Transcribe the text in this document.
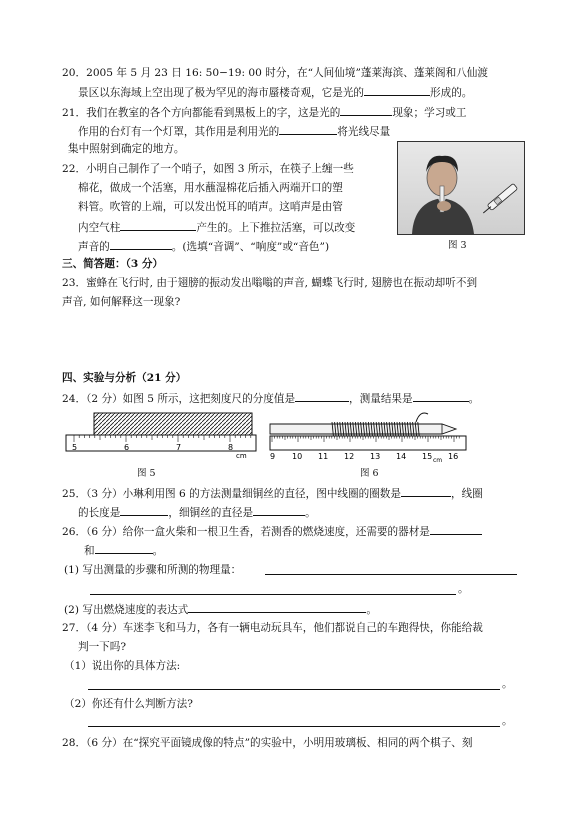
20．2005 年 5 月 23 日 16: 50−19: 00 时分，在“人间仙境”蓬莱海滨、蓬莱阁和八仙渡
景区以东海域上空出现了极为罕见的海市蜃楼奇观，它是光的	形成的。
21．我们在教室的各个方向都能看到黑板上的字，这是光的	现象；学习或工
作用的台灯有一个灯罩，其作用是利用光的	将光线尽量
集中照射到确定的地方。
22．小明自己制作了一个哨子，如图 3 所示，在筷子上缠一些
棉花，做成一个活塞，用水蘸湿棉花后插入两端开口的塑
料管。吹管的上端，可以发出悦耳的哨声。这哨声是由管
内空气柱	产生的。上下推拉活塞，可以改变
声音的	。(选填“音调”、“响度”或“音色”)	图 3
三、简答题：（3 分）
23．蜜蜂在飞行时, 由于翅膀的振动发出嗡嗡的声音, 蝴蝶飞行时, 翅膀也在振动却听不到
声音, 如何解释这一现象?
四、实验与分析（21 分）
24．（2 分）如图 5 所示，这把刻度尺的分度值是	，测量结果是	。
5	6	7	8
cm
图 5
9 10 11 12 13 14 15 16
cm
图 6
25．（3 分）小琳利用图 6 的方法测量细铜丝的直径，图中线圈的圈数是	，线圈
的长度是	，细铜丝的直径是	。
26．（6 分）给你一盒火柴和一根卫生香，若测香的燃烧速度，还需要的器材是
和	。
(1) 写出测量的步骤和所测的物理量：
。
(2) 写出燃烧速度的表达式	。
27．（4 分）车迷李飞和马力，各有一辆电动玩具车，他们都说自己的车跑得快，你能给裁
判一下吗?
（1）说出你的具体方法:
。
（2）你还有什么判断方法?
。
28．（6 分）在“探究平面镜成像的特点”的实验中，小明用玻璃板、相同的两个棋子、刻
